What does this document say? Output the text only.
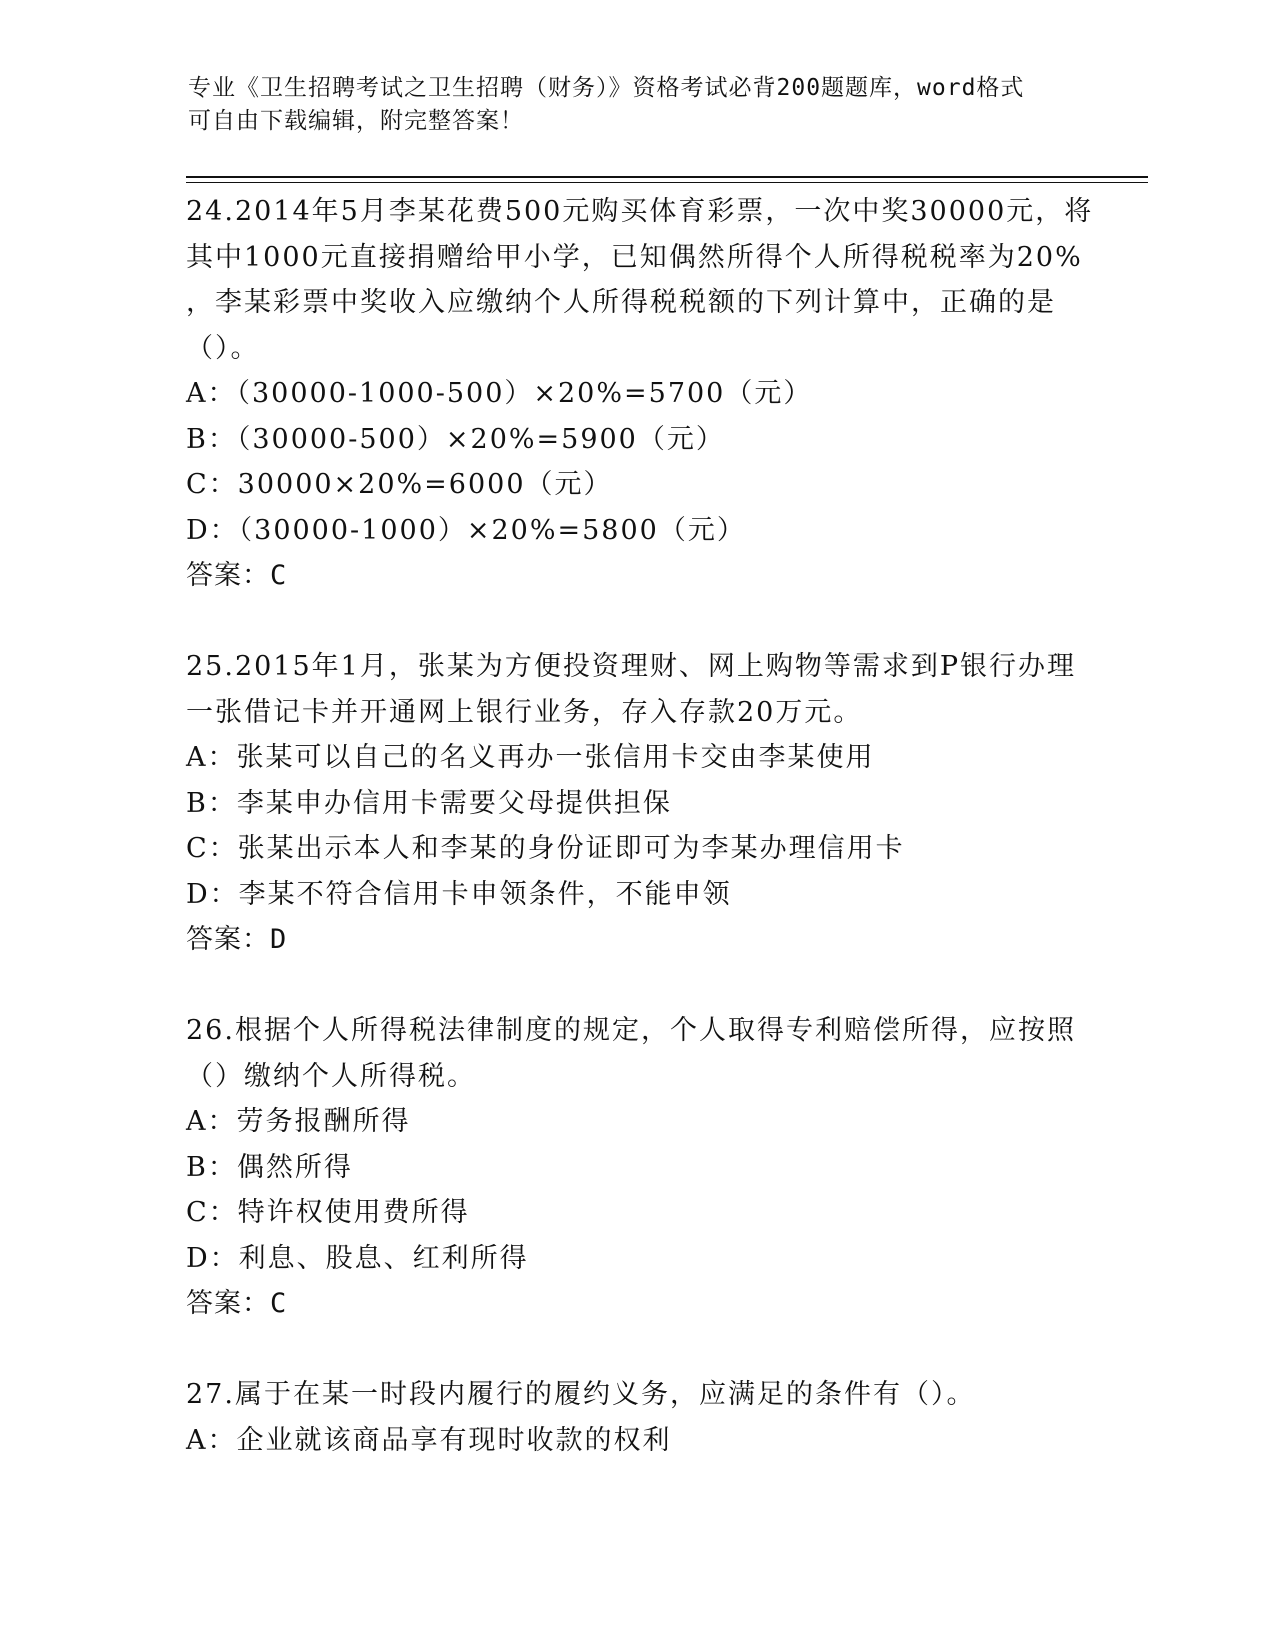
专业《卫生招聘考试之卫生招聘（财务）》资格考试必背200题题库，word格式
可自由下载编辑，附完整答案！
24.2014年5月李某花费500元购买体育彩票，一次中奖30000元，将
其中1000元直接捐赠给甲小学，已知偶然所得个人所得税税率为20%
，李某彩票中奖收入应缴纳个人所得税税额的下列计算中，正确的是
（）。
A：（30000-1000-500）×20%=5700（元）
B：（30000-500）×20%=5900（元）
C：30000×20%=6000（元）
D：（30000-1000）×20%=5800（元）
答案：C
25.2015年1月，张某为方便投资理财、网上购物等需求到P银行办理
一张借记卡并开通网上银行业务，存入存款20万元。
A：张某可以自己的名义再办一张信用卡交由李某使用
B：李某申办信用卡需要父母提供担保
C：张某出示本人和李某的身份证即可为李某办理信用卡
D：李某不符合信用卡申领条件，不能申领
答案：D
26.根据个人所得税法律制度的规定，个人取得专利赔偿所得，应按照
（）缴纳个人所得税。
A：劳务报酬所得
B：偶然所得
C：特许权使用费所得
D：利息、股息、红利所得
答案：C
27.属于在某一时段内履行的履约义务，应满足的条件有（）。
A：企业就该商品享有现时收款的权利
